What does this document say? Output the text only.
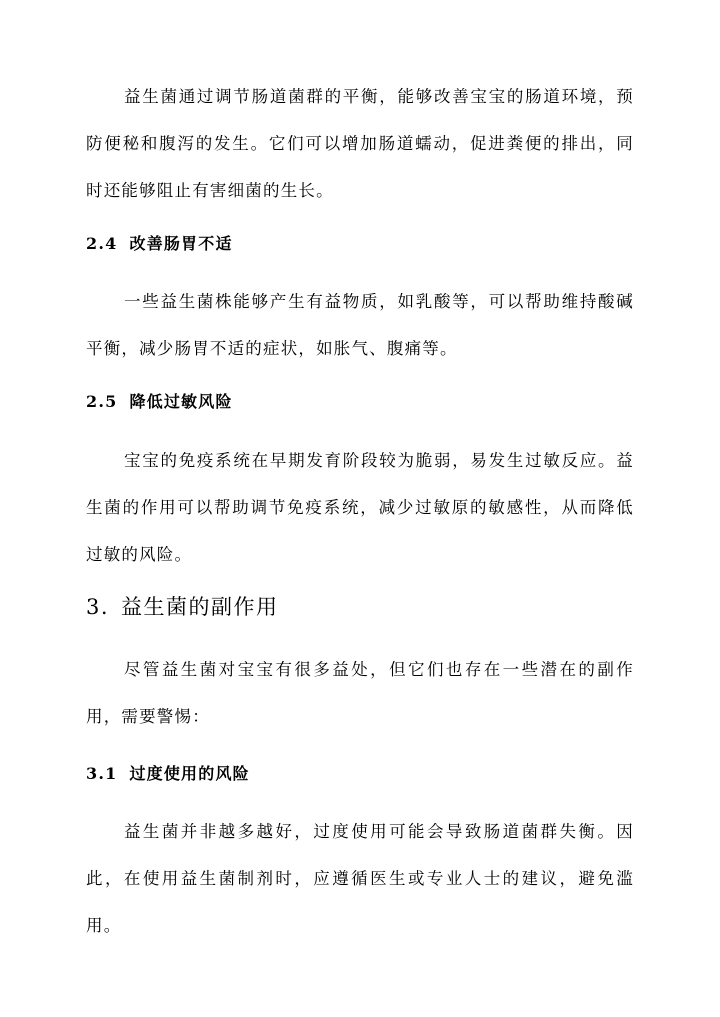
益生菌通过调节肠道菌群的平衡，能够改善宝宝的肠道环境，预防便秘和腹泻的发生。它们可以增加肠道蠕动，促进粪便的排出，同时还能够阻止有害细菌的生长。

2.4 改善肠胃不适

一些益生菌株能够产生有益物质，如乳酸等，可以帮助维持酸碱平衡，减少肠胃不适的症状，如胀气、腹痛等。

2.5 降低过敏风险

宝宝的免疫系统在早期发育阶段较为脆弱，易发生过敏反应。益生菌的作用可以帮助调节免疫系统，减少过敏原的敏感性，从而降低过敏的风险。

3. 益生菌的副作用

尽管益生菌对宝宝有很多益处，但它们也存在一些潜在的副作用，需要警惕：

3.1 过度使用的风险

益生菌并非越多越好，过度使用可能会导致肠道菌群失衡。因此，在使用益生菌制剂时，应遵循医生或专业人士的建议，避免滥用。
